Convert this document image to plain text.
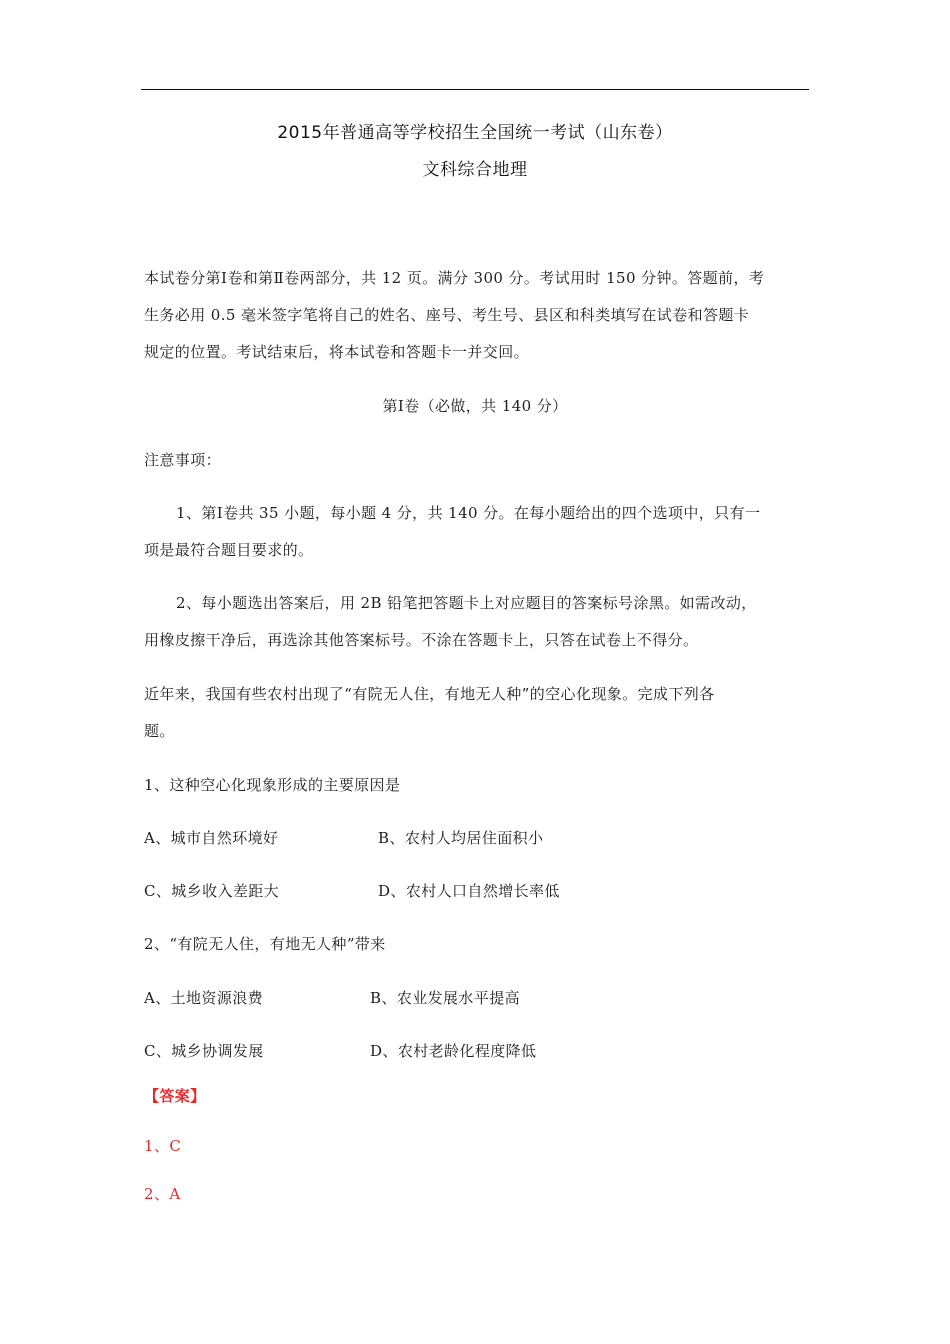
2015年普通高等学校招生全国统一考试（山东卷）
文科综合地理
本试卷分第Ⅰ卷和第Ⅱ卷两部分，共 12 页。满分 300 分。考试用时 150 分钟。答题前，考
生务必用 0.5 毫米签字笔将自己的姓名、座号、考生号、县区和科类填写在试卷和答题卡
规定的位置。考试结束后，将本试卷和答题卡一并交回。
第Ⅰ卷（必做，共 140 分）
注意事项：
1、第Ⅰ卷共 35 小题，每小题 4 分，共 140 分。在每小题给出的四个选项中，只有一
项是最符合题目要求的。
2、每小题选出答案后，用 2B 铅笔把答题卡上对应题目的答案标号涂黑。如需改动，
用橡皮擦干净后，再选涂其他答案标号。不涂在答题卡上，只答在试卷上不得分。
近年来，我国有些农村出现了“有院无人住，有地无人种”的空心化现象。完成下列各
题。
1、这种空心化现象形成的主要原因是
A、城市自然环境好	B、农村人均居住面积小
C、城乡收入差距大	D、农村人口自然增长率低
2、“有院无人住，有地无人种”带来
A、土地资源浪费	B、农业发展水平提高
C、城乡协调发展	D、农村老龄化程度降低
【答案】
1、C
2、A
